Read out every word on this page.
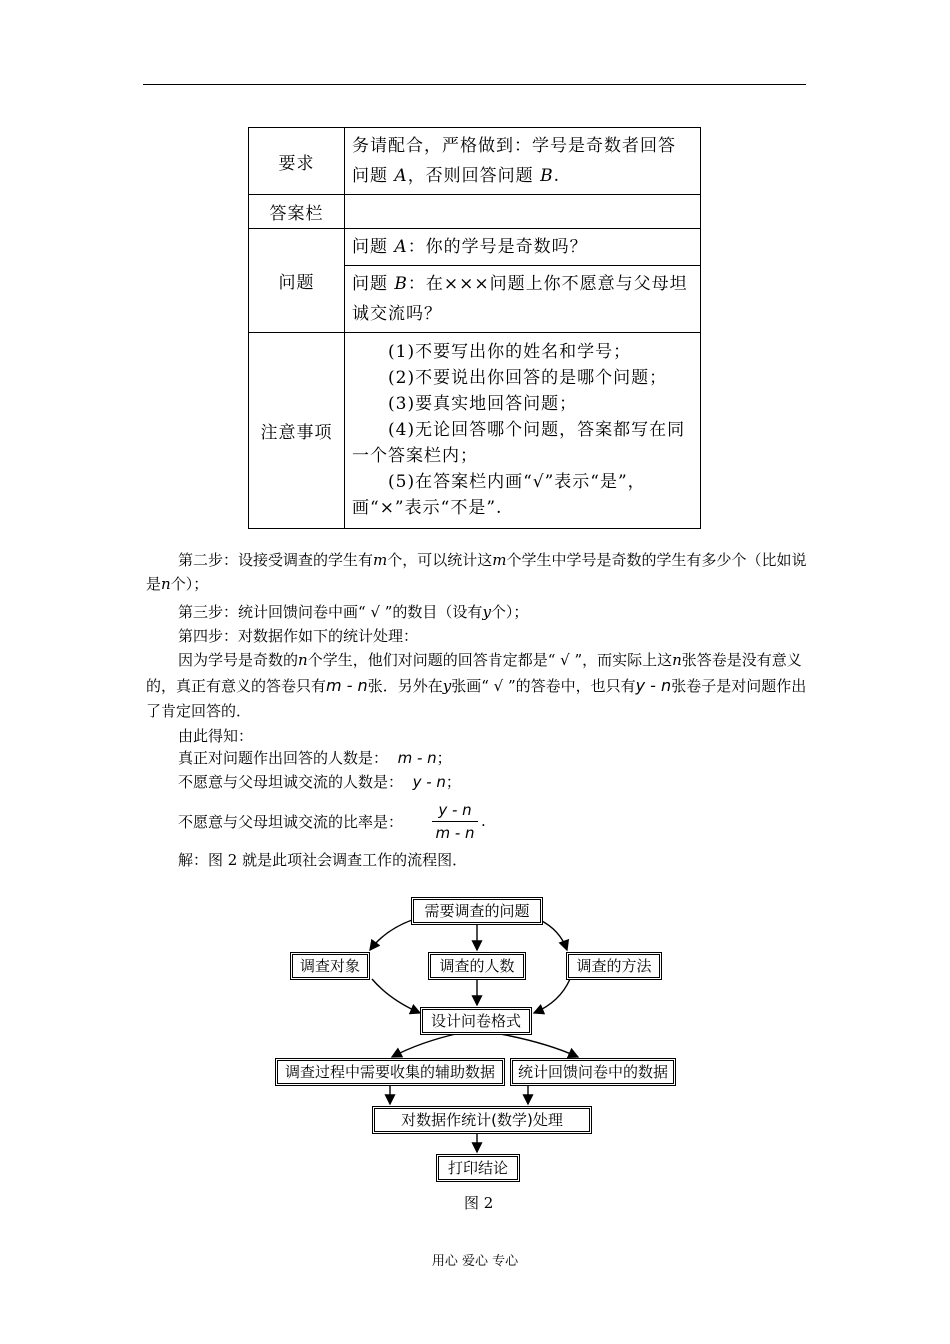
要求	务请配合，严格做到：学号是奇数者回答问题 A，否则回答问题 B.
答案栏	
问题	问题 A：你的学号是奇数吗？
	问题 B：在×××问题上你不愿意与父母坦诚交流吗？
注意事项	(1)不要写出你的姓名和学号；
(2)不要说出你回答的是哪个问题；
(3)要真实地回答问题；
(4)无论回答哪个问题，答案都写在同一个答案栏内；
(5)在答案栏内画“√”表示“是”，画“×”表示“不是”.
第二步：设接受调查的学生有m个，可以统计这m个学生中学号是奇数的学生有多少个（比如说是n个）；
第三步：统计回馈问卷中画“ √ ”的数目（设有y个）；
第四步：对数据作如下的统计处理：
因为学号是奇数的n个学生，他们对问题的回答肯定都是“ √ ”，而实际上这n张答卷是没有意义的，真正有意义的答卷只有m - n张．另外在y张画“ √ ”的答卷中，也只有y - n张卷子是对问题作出了肯定回答的．
由此得知：
真正对问题作出回答的人数是： m - n；
不愿意与父母坦诚交流的人数是： y - n；
不愿意与父母坦诚交流的比率是：
y - n
m - n
.
解：图 2 就是此项社会调查工作的流程图．
需要调查的问题
调查对象	调查的人数	调查的方法
设计问卷格式
调查过程中需要收集的辅助数据	统计回馈问卷中的数据
对数据作统计(数学)处理
打印结论
图 2
用心 爱心 专心
